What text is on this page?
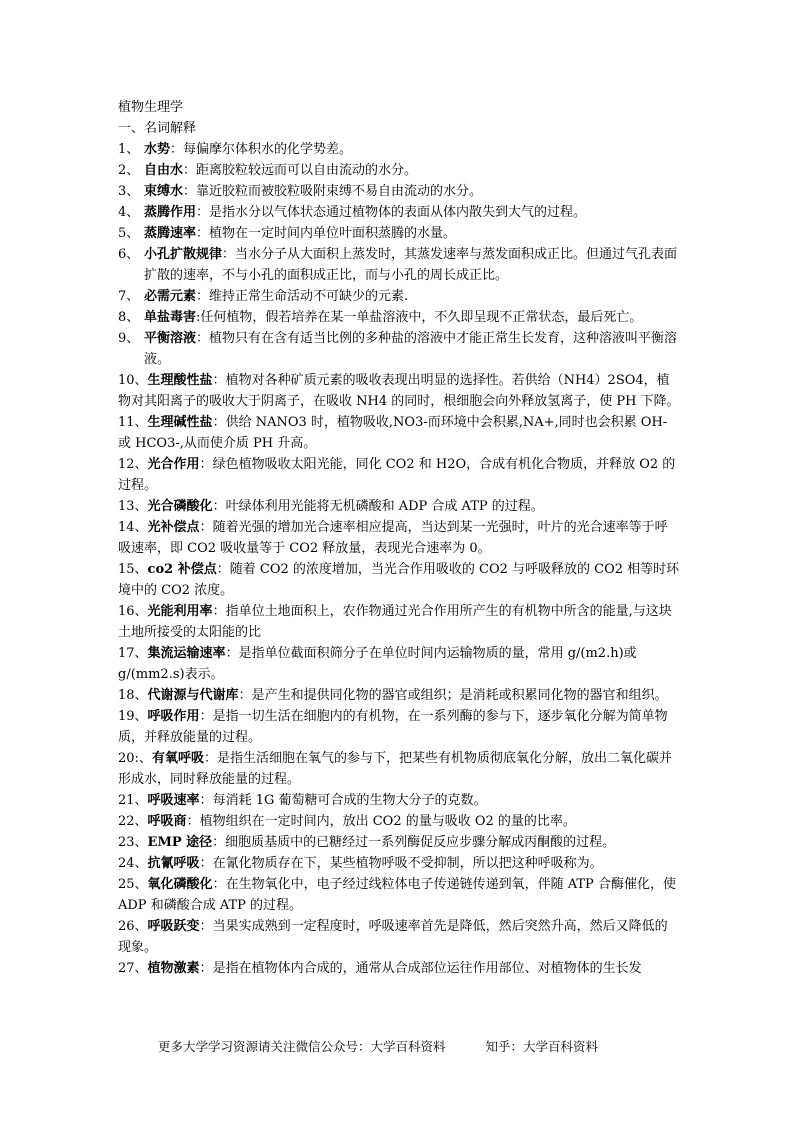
植物生理学
一、名词解释
1、 水势：每偏摩尔体积水的化学势差。
2、 自由水：距离胶粒较远而可以自由流动的水分。
3、 束缚水：靠近胶粒而被胶粒吸附束缚不易自由流动的水分。
4、 蒸腾作用：是指水分以气体状态通过植物体的表面从体内散失到大气的过程。
5、 蒸腾速率：植物在一定时间内单位叶面积蒸腾的水量。
6、 小孔扩散规律：当水分子从大面积上蒸发时，其蒸发速率与蒸发面积成正比。但通过气孔表面扩散的速率，不与小孔的面积成正比，而与小孔的周长成正比。
7、 必需元素：维持正常生命活动不可缺少的元素.
8、 单盐毒害:任何植物，假若培养在某一单盐溶液中，不久即呈现不正常状态，最后死亡。
9、 平衡溶液：植物只有在含有适当比例的多种盐的溶液中才能正常生长发育，这种溶液叫平衡溶液。
10、生理酸性盐：植物对各种矿质元素的吸收表现出明显的选择性。若供给（NH4）2SO4，植物对其阳离子的吸收大于阴离子，在吸收 NH4 的同时，根细胞会向外释放氢离子，使 PH 下降。
11、生理碱性盐：供给 NANO3 时，植物吸收,NO3-而环境中会积累,NA+,同时也会积累 OH-或 HCO3-,从而使介质 PH 升高。
12、光合作用：绿色植物吸收太阳光能，同化 CO2 和 H2O，合成有机化合物质，并释放 O2 的过程。
13、光合磷酸化：叶绿体利用光能将无机磷酸和 ADP 合成 ATP 的过程。
14、光补偿点：随着光强的增加光合速率相应提高，当达到某一光强时，叶片的光合速率等于呼吸速率，即 CO2 吸收量等于 CO2 释放量，表现光合速率为 0。
15、co2 补偿点：随着 CO2 的浓度增加，当光合作用吸收的 CO2 与呼吸释放的 CO2 相等时环境中的 CO2 浓度。
16、光能利用率：指单位土地面积上，农作物通过光合作用所产生的有机物中所含的能量,与这块土地所接受的太阳能的比
17、集流运输速率：是指单位截面积筛分子在单位时间内运输物质的量，常用 g/(m2.h)或 g/(mm2.s)表示。
18、代谢源与代谢库：是产生和提供同化物的器官或组织；是消耗或积累同化物的器官和组织。
19、呼吸作用：是指一切生活在细胞内的有机物，在一系列酶的参与下，逐步氧化分解为简单物质，并释放能量的过程。
20:、有氧呼吸：是指生活细胞在氧气的参与下，把某些有机物质彻底氧化分解，放出二氧化碳并形成水，同时释放能量的过程。
21、呼吸速率：每消耗 1G 葡萄糖可合成的生物大分子的克数。
22、呼吸商：植物组织在一定时间内，放出 CO2 的量与吸收 O2 的量的比率。
23、EMP 途径：细胞质基质中的已糖经过一系列酶促反应步骤分解成丙酮酸的过程。
24、抗氰呼吸：在氰化物质存在下，某些植物呼吸不受抑制，所以把这种呼吸称为。
25、氧化磷酸化：在生物氧化中，电子经过线粒体电子传递链传递到氧，伴随 ATP 合酶催化，使 ADP 和磷酸合成 ATP 的过程。
26、呼吸跃变：当果实成熟到一定程度时，呼吸速率首先是降低，然后突然升高，然后又降低的现象。
27、植物激素：是指在植物体内合成的，通常从合成部位运往作用部位、对植物体的生长发
更多大学学习资源请关注微信公众号：大学百科资料	知乎：大学百科资料
